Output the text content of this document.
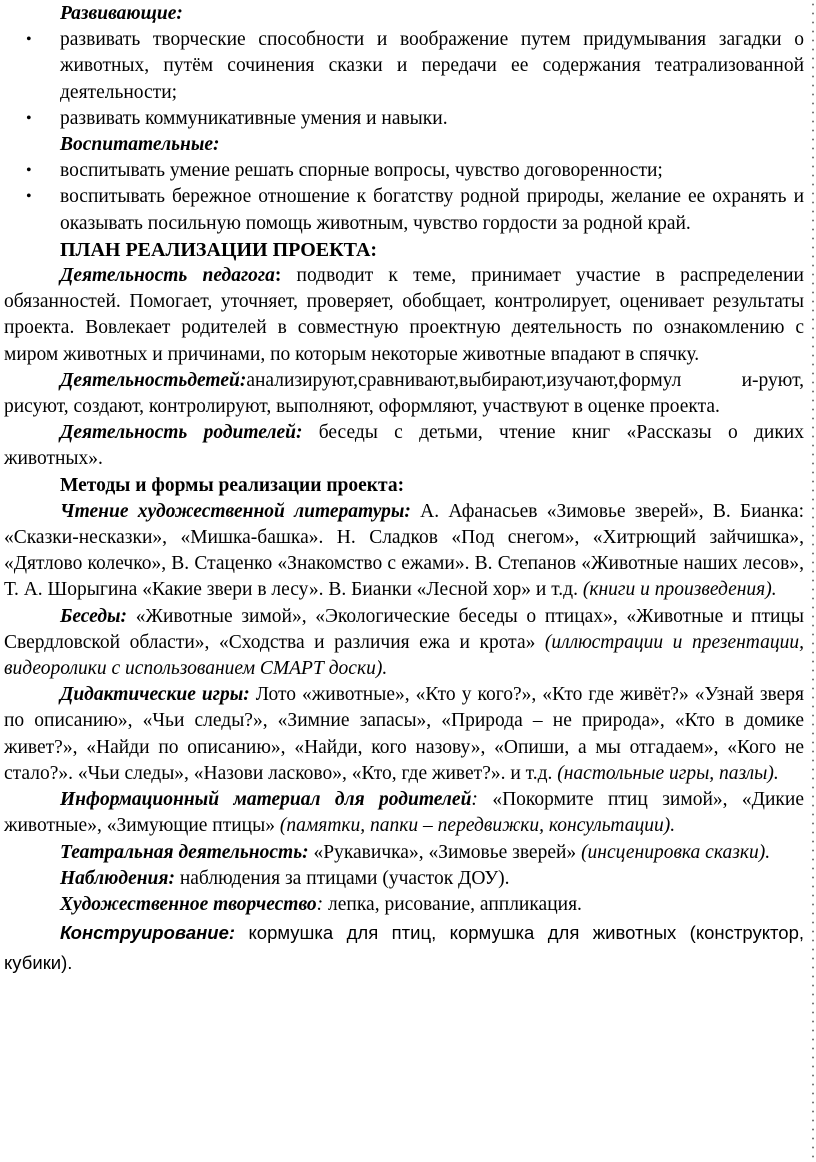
Развивающие:

• развивать творческие способности и воображение путем придумывания загадки о животных, путём сочинения сказки и передачи ее содержания театрализованной деятельности;
• развивать коммуникативные умения и навыки.

Воспитательные:

• воспитывать умение решать спорные вопросы, чувство договоренности;
• воспитывать бережное отношение к богатству родной природы, желание ее охранять и оказывать посильную помощь животным, чувство гордости за родной край.

ПЛАН РЕАЛИЗАЦИИ ПРОЕКТА:

Деятельность педагога: подводит к теме, принимает участие в распределении обязанностей. Помогает, уточняет, проверяет, обобщает, контролирует, оценивает результаты проекта. Вовлекает родителей в совместную проектную деятельность по ознакомлению с миром животных и причинами, по которым некоторые животные впадают в спячку.

Деятельностьдетей:анализируют,сравнивают,выбирают,изучают,формул и-руют, рисуют, создают, контролируют, выполняют, оформляют, участвуют в оценке проекта.

Деятельность родителей: беседы с детьми, чтение книг «Рассказы о диких животных».

Методы и формы реализации проекта:

Чтение художественной литературы: А. Афанасьев «Зимовье зверей», В. Бианка: «Сказки-несказки», «Мишка-башка». Н. Сладков «Под снегом», «Хитрющий зайчишка», «Дятлово колечко», В. Стаценко «Знакомство с ежами». В. Степанов «Животные наших лесов», Т. А. Шорыгина «Какие звери в лесу». В. Бианки «Лесной хор» и т.д. (книги и произведения).

Беседы: «Животные зимой», «Экологические беседы о птицах», «Животные и птицы Свердловской области», «Сходства и различия ежа и крота» (иллюстрации и презентации, видеоролики с использованием СМАРТ доски).

Дидактические игры: Лото «животные», «Кто у кого?», «Кто где живёт?» «Узнай зверя по описанию», «Чьи следы?», «Зимние запасы», «Природа – не природа», «Кто в домике живет?», «Найди по описанию», «Найди, кого назову», «Опиши, а мы отгадаем», «Кого не стало?». «Чьи следы», «Назови ласково», «Кто, где живет?». и т.д. (настольные игры, пазлы).

Информационный материал для родителей: «Покормите птиц зимой», «Дикие животные», «Зимующие птицы» (памятки, папки – передвижки, консультации).

Театральная деятельность: «Рукавичка», «Зимовье зверей» (инсценировка сказки).

Наблюдения: наблюдения за птицами (участок ДОУ).

Художественное творчество: лепка, рисование, аппликация.

Конструирование: кормушка для птиц, кормушка для животных (конструктор, кубики).
